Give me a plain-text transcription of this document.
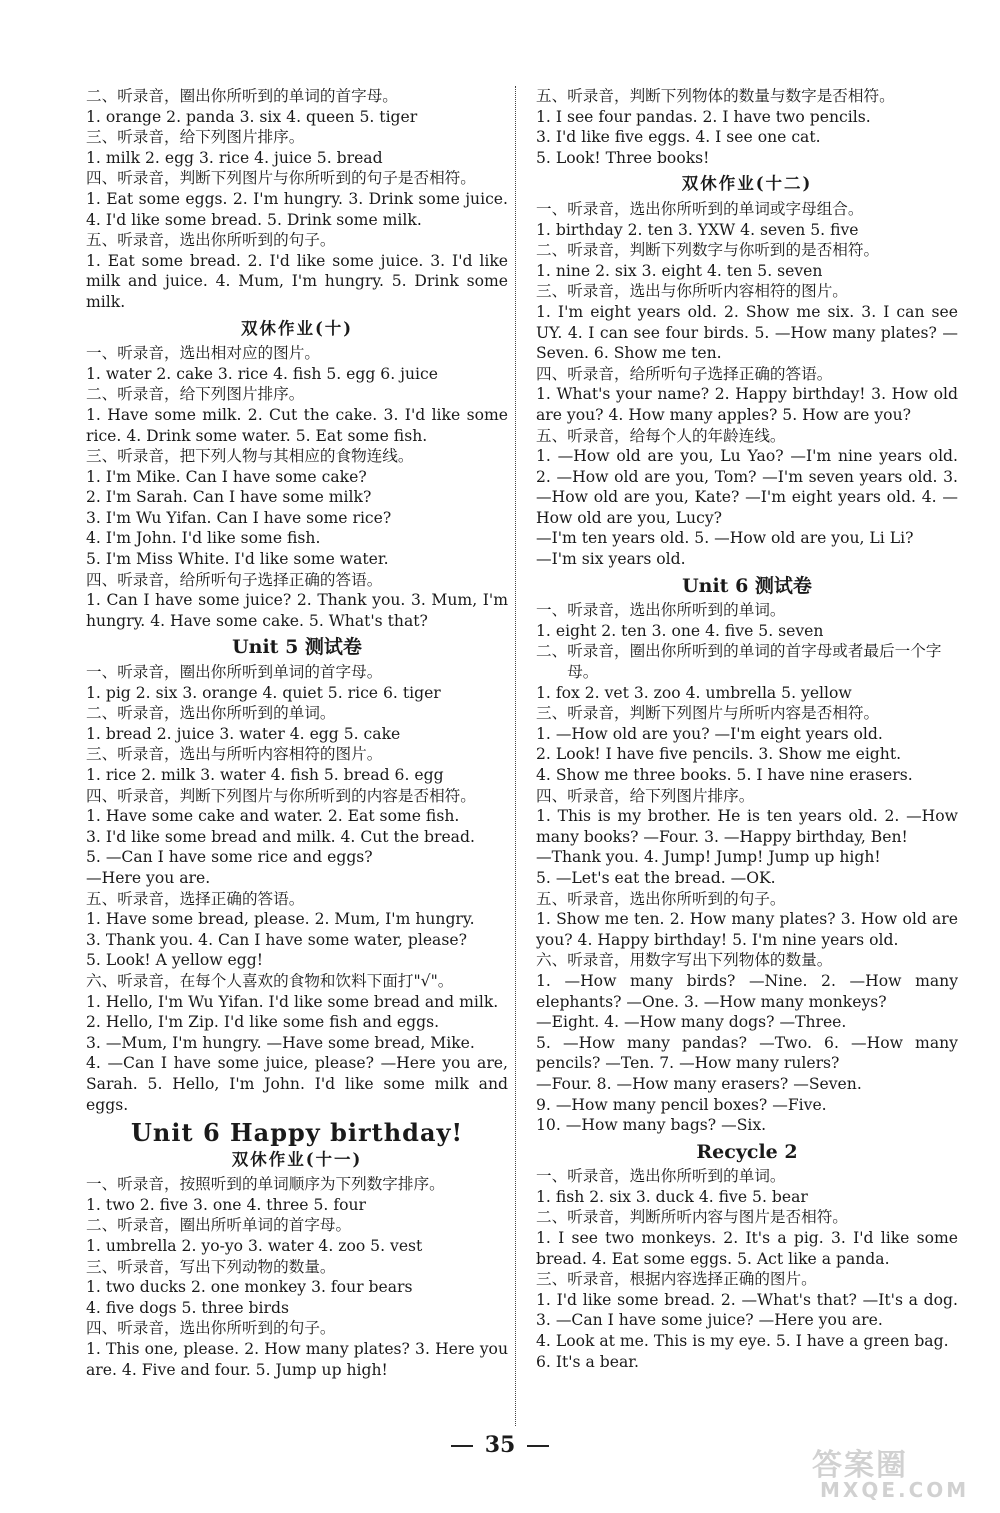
二、听录音，圈出你所听到的单词的首字母。

1. orange 2. panda 3. six 4. queen 5. tiger

三、听录音，给下列图片排序。

1. milk 2. egg 3. rice 4. juice 5. bread

四、听录音，判断下列图片与你所听到的句子是否相符。

1. Eat some eggs. 2. I'm hungry. 3. Drink some juice. 4. I'd like some bread. 5. Drink some milk.

五、听录音，选出你所听到的句子。

1. Eat some bread. 2. I'd like some juice. 3. I'd like milk and juice. 4. Mum, I'm hungry. 5. Drink some milk.

双休作业(十)

一、听录音，选出相对应的图片。

1. water 2. cake 3. rice 4. fish 5. egg 6. juice

二、听录音，给下列图片排序。

1. Have some milk. 2. Cut the cake. 3. I'd like some rice. 4. Drink some water. 5. Eat some fish.

三、听录音，把下列人物与其相应的食物连线。

1. I'm Mike. Can I have some cake?

2. I'm Sarah. Can I have some milk?

3. I'm Wu Yifan. Can I have some rice?

4. I'm John. I'd like some fish.

5. I'm Miss White. I'd like some water.

四、听录音，给所听句子选择正确的答语。

1. Can I have some juice? 2. Thank you. 3. Mum, I'm hungry. 4. Have some cake. 5. What's that?

Unit 5 测试卷

一、听录音，圈出你所听到单词的首字母。

1. pig 2. six 3. orange 4. quiet 5. rice 6. tiger

二、听录音，选出你所听到的单词。

1. bread 2. juice 3. water 4. egg 5. cake

三、听录音，选出与所听内容相符的图片。

1. rice 2. milk 3. water 4. fish 5. bread 6. egg

四、听录音，判断下列图片与你所听到的内容是否相符。

1. Have some cake and water. 2. Eat some fish.

3. I'd like some bread and milk. 4. Cut the bread.

5. —Can I have some rice and eggs?

—Here you are.

五、听录音，选择正确的答语。

1. Have some bread, please. 2. Mum, I'm hungry.

3. Thank you. 4. Can I have some water, please?

5. Look! A yellow egg!

六、听录音，在每个人喜欢的食物和饮料下面打"√"。

1. Hello, I'm Wu Yifan. I'd like some bread and milk.

2. Hello, I'm Zip. I'd like some fish and eggs.

3. —Mum, I'm hungry. —Have some bread, Mike.

4. —Can I have some juice, please? —Here you are, Sarah. 5. Hello, I'm John. I'd like some milk and eggs.

Unit 6 Happy birthday!

双休作业(十一)

一、听录音，按照听到的单词顺序为下列数字排序。

1. two 2. five 3. one 4. three 5. four

二、听录音，圈出所听单词的首字母。

1. umbrella 2. yo-yo 3. water 4. zoo 5. vest

三、听录音，写出下列动物的数量。

1. two ducks 2. one monkey 3. four bears

4. five dogs 5. three birds

四、听录音，选出你所听到的句子。

1. This one, please. 2. How many plates? 3. Here you are. 4. Five and four. 5. Jump up high!

五、听录音，判断下列物体的数量与数字是否相符。

1. I see four pandas. 2. I have two pencils.

3. I'd like five eggs. 4. I see one cat.

5. Look! Three books!

双休作业(十二)

一、听录音，选出你所听到的单词或字母组合。

1. birthday 2. ten 3. YXW 4. seven 5. five

二、听录音，判断下列数字与你听到的是否相符。

1. nine 2. six 3. eight 4. ten 5. seven

三、听录音，选出与你所听内容相符的图片。

1. I'm eight years old. 2. Show me six. 3. I can see UY. 4. I can see four birds. 5. —How many plates? —Seven. 6. Show me ten.

四、听录音，给所听句子选择正确的答语。

1. What's your name? 2. Happy birthday! 3. How old are you? 4. How many apples? 5. How are you?

五、听录音，给每个人的年龄连线。

1. —How old are you, Lu Yao? —I'm nine years old. 2. —How old are you, Tom? —I'm seven years old. 3. —How old are you, Kate? —I'm eight years old. 4. —How old are you, Lucy?

—I'm ten years old. 5. —How old are you, Li Li?

—I'm six years old.

Unit 6 测试卷

一、听录音，选出你所听到的单词。

1. eight 2. ten 3. one 4. five 5. seven

二、听录音，圈出你所听到的单词的首字母或者最后一个字母。

1. fox 2. vet 3. zoo 4. umbrella 5. yellow

三、听录音，判断下列图片与所听内容是否相符。

1. —How old are you? —I'm eight years old.

2. Look! I have five pencils. 3. Show me eight.

4. Show me three books. 5. I have nine erasers.

四、听录音，给下列图片排序。

1. This is my brother. He is ten years old. 2. —How many books? —Four. 3. —Happy birthday, Ben!

—Thank you. 4. Jump! Jump! Jump up high!

5. —Let's eat the bread. —OK.

五、听录音，选出你所听到的句子。

1. Show me ten. 2. How many plates? 3. How old are you? 4. Happy birthday! 5. I'm nine years old.

六、听录音，用数字写出下列物体的数量。

1. —How many birds? —Nine. 2. —How many elephants? —One. 3. —How many monkeys?

—Eight. 4. —How many dogs? —Three.

5. —How many pandas? —Two. 6. —How many pencils? —Ten. 7. —How many rulers?

—Four. 8. —How many erasers? —Seven.

9. —How many pencil boxes? —Five.

10. —How many bags? —Six.

Recycle 2

一、听录音，选出你所听到的单词。

1. fish 2. six 3. duck 4. five 5. bear

二、听录音，判断所听内容与图片是否相符。

1. I see two monkeys. 2. It's a pig. 3. I'd like some bread. 4. Eat some eggs. 5. Act like a panda.

三、听录音，根据内容选择正确的图片。

1. I'd like some bread. 2. —What's that? —It's a dog. 3. —Can I have some juice? —Here you are.

4. Look at me. This is my eye. 5. I have a green bag.

6. It's a bear.

35
答案圈
MXQE.COM
